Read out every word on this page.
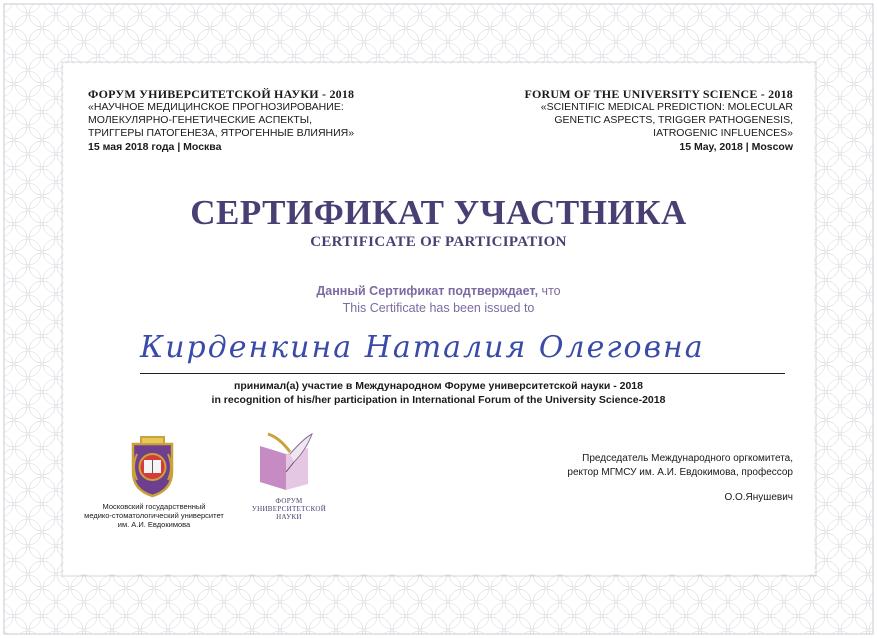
ФОРУМ УНИВЕРСИТЕТСКОЙ НАУКИ - 2018
«НАУЧНОЕ МЕДИЦИНСКОЕ ПРОГНОЗИРОВАНИЕ:
МОЛЕКУЛЯРНО-ГЕНЕТИЧЕСКИЕ АСПЕКТЫ,
ТРИГГЕРЫ ПАТОГЕНЕЗА, ЯТРОГЕННЫЕ ВЛИЯНИЯ»
15 мая 2018 года | Москва
FORUM OF THE UNIVERSITY SCIENCE - 2018
«SCIENTIFIC MEDICAL PREDICTION: MOLECULAR
GENETIC ASPECTS, TRIGGER PATHOGENESIS,
IATROGENIC INFLUENCES»
15 May, 2018 | Moscow
СЕРТИФИКАТ УЧАСТНИКА
CERTIFICATE OF PARTICIPATION
Данный Сертификат подтверждает, что
This Certificate has been issued to
Кирденкина Наталия Олеговна
принимал(а) участие в Международном Форуме университетской науки - 2018
in recognition of his/her participation in International Forum of the University Science-2018
Московский государственный
медико-стоматологический университет
им. А.И. Евдокимова
ФОРУМ
УНИВЕРСИТЕТСКОЙ
НАУКИ
Председатель Международного оргкомитета,
ректор МГМСУ им. А.И. Евдокимова, профессор
О.О.Янушевич
